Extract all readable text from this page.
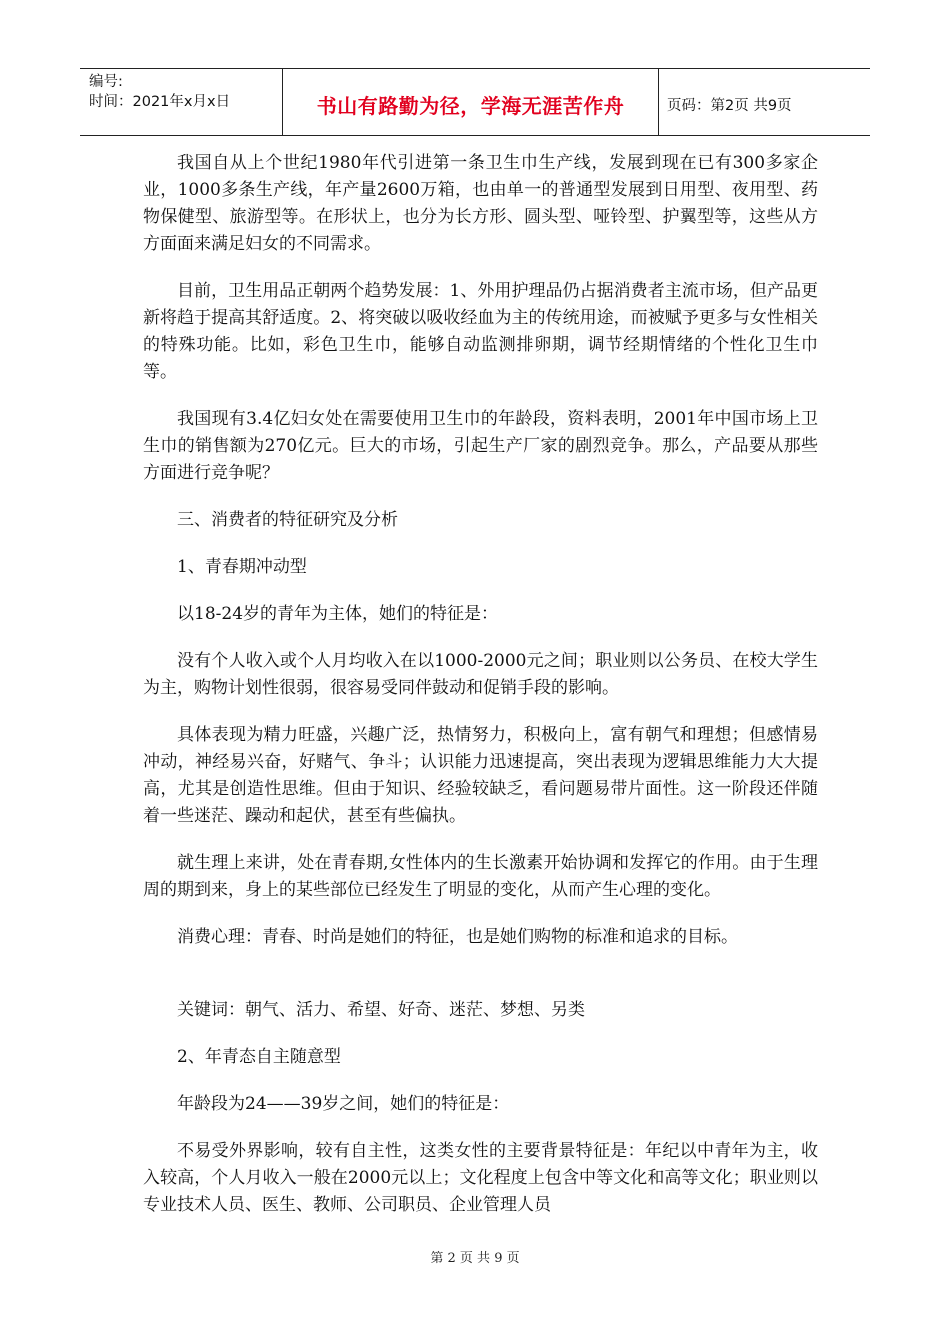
编号:
时间：2021年x月x日	书山有路勤为径，学海无涯苦作舟	页码：第2页 共9页

我国自从上个世纪1980年代引进第一条卫生巾生产线，发展到现在已有300多家企业，1000多条生产线，年产量2600万箱，也由单一的普通型发展到日用型、夜用型、药物保健型、旅游型等。在形状上，也分为长方形、圆头型、哑铃型、护翼型等，这些从方方面面来满足妇女的不同需求。

目前，卫生用品正朝两个趋势发展：1、外用护理品仍占据消费者主流市场，但产品更新将趋于提高其舒适度。2、将突破以吸收经血为主的传统用途，而被赋予更多与女性相关的特殊功能。比如，彩色卫生巾，能够自动监测排卵期，调节经期情绪的个性化卫生巾等。

我国现有3.4亿妇女处在需要使用卫生巾的年龄段，资料表明，2001年中国市场上卫生巾的销售额为270亿元。巨大的市场，引起生产厂家的剧烈竞争。那么，产品要从那些方面进行竞争呢？

三、消费者的特征研究及分析

1、青春期冲动型

以18-24岁的青年为主体，她们的特征是：

没有个人收入或个人月均收入在以1000-2000元之间；职业则以公务员、在校大学生为主，购物计划性很弱，很容易受同伴鼓动和促销手段的影响。

具体表现为精力旺盛，兴趣广泛，热情努力，积极向上，富有朝气和理想；但感情易冲动，神经易兴奋，好赌气、争斗；认识能力迅速提高，突出表现为逻辑思维能力大大提高，尤其是创造性思维。但由于知识、经验较缺乏，看问题易带片面性。这一阶段还伴随着一些迷茫、躁动和起伏，甚至有些偏执。

就生理上来讲，处在青春期,女性体内的生长激素开始协调和发挥它的作用。由于生理周的期到来，身上的某些部位已经发生了明显的变化，从而产生心理的变化。

消费心理：青春、时尚是她们的特征，也是她们购物的标准和追求的目标。

关键词：朝气、活力、希望、好奇、迷茫、梦想、另类

2、年青态自主随意型

年龄段为24——39岁之间，她们的特征是：

不易受外界影响，较有自主性，这类女性的主要背景特征是：年纪以中青年为主，收入较高，个人月收入一般在2000元以上；文化程度上包含中等文化和高等文化；职业则以专业技术人员、医生、教师、公司职员、企业管理人员

第 2 页 共 9 页
